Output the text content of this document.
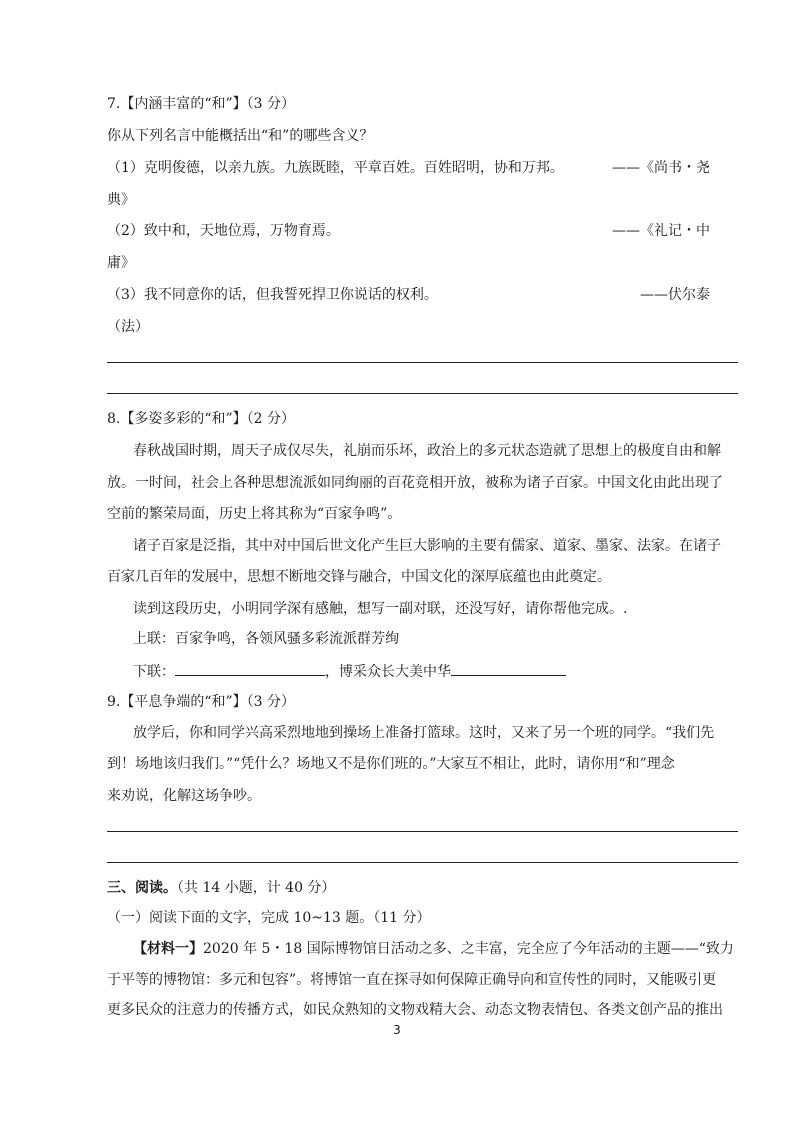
7.【内涵丰富的“和”】（3 分）
你从下列名言中能概括出“和”的哪些含义？
（1）克明俊德，以亲九族。九族既睦，平章百姓。百姓昭明，协和万邦。	——《尚书・尧
典》
（2）致中和，天地位焉，万物育焉。	——《礼记・中
庸》
（3）我不同意你的话，但我誓死捍卫你说话的权利。	——伏尔泰
（法）
8.【多姿多彩的“和”】（2 分）
春秋战国时期，周天子成仅尽失，礼崩而乐坏，政治上的多元状态造就了思想上的极度自由和解
放。一时间，社会上各种思想流派如同绚丽的百花竞相开放，被称为诸子百家。中国文化由此出现了
空前的繁荣局面，历史上将其称为“百家争鸣”。
诸子百家是泛指，其中对中国后世文化产生巨大影响的主要有儒家、道家、墨家、法家。在诸子
百家几百年的发展中，思想不断地交锋与融合，中国文化的深厚底蕴也由此奠定。
读到这段历史，小明同学深有感触，想写一副对联，还没写好，请你帮他完成。.
上联：百家争鸣，各领风骚多彩流派群芳绚
下联：	，博采众长大美中华
9.【平息争端的“和”】（3 分）
放学后，你和同学兴高采烈地地到操场上准备打篮球。这时，又来了另一个班的同学。“我们先
到！场地该归我们。”“凭什么？场地又不是你们班的。”大家互不相让，此时，请你用“和”理念
来劝说，化解这场争吵。
三、阅读。（共 14 小题，计 40 分）
（一）阅读下面的文字，完成 10~13 题。（11 分）
【材料一】2020 年 5・18 国际博物馆日活动之多、之丰富，完全应了今年活动的主题——“致力
于平等的博物馆：多元和包容”。将博馆一直在探寻如何保障正确导向和宣传性的同时，又能吸引更
更多民众的注意力的传播方式，如民众熟知的文物戏精大会、动态文物表情包、各类文创产品的推出
3
